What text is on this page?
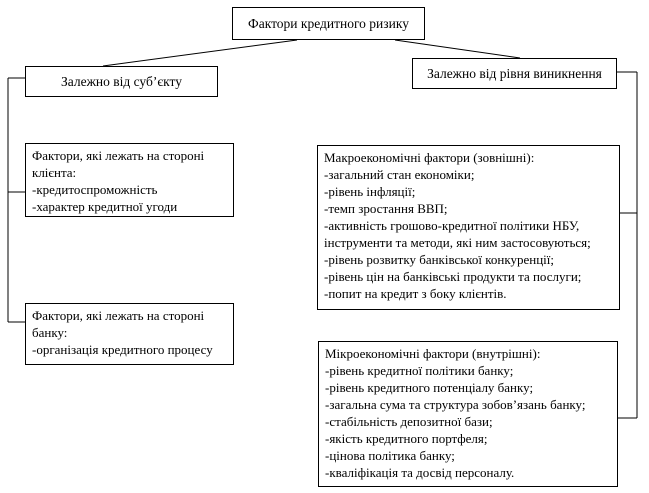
Фактори кредитного ризику
Залежно від суб’єкту
Залежно від рівня виникнення
Фактори, які лежать на стороні клієнта:
-кредитоспроможність
-характер кредитної угоди
Фактори, які лежать на стороні банку:
-організація кредитного процесу
Макроекономічні фактори (зовнішні):
-загальний стан економіки;
-рівень інфляції;
-темп зростання ВВП;
-активність грошово-кредитної політики НБУ, інструменти та методи, які ним застосовуються;
-рівень розвитку банківської конкуренції;
-рівень цін на банківські продукти та послуги;
-попит на кредит з боку клієнтів.
Мікроекономічні фактори (внутрішні):
-рівень кредитної політики банку;
-рівень кредитного потенціалу банку;
-загальна сума та структура зобов’язань банку;
-стабільність депозитної бази;
-якість кредитного портфеля;
-цінова політика банку;
-кваліфікація та досвід персоналу.
